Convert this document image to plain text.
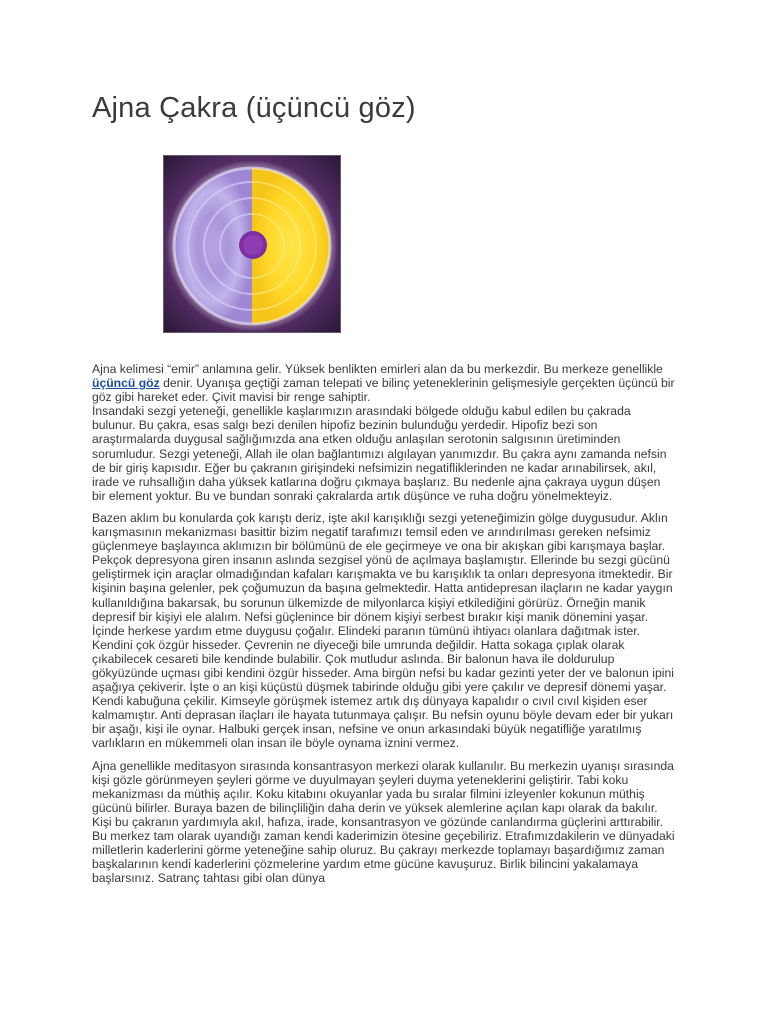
Ajna Çakra (üçüncü göz)

Ajna kelimesi “emir” anlamına gelir. Yüksek benlikten emirleri alan da bu merkezdir. Bu merkeze genellikle üçüncü göz denir. Uyanışa geçtiği zaman telepati ve bilinç yeteneklerinin gelişmesiyle gerçekten üçüncü bir göz gibi hareket eder. Çivit mavisi bir renge sahiptir.

İnsandaki sezgi yeteneği, genellikle kaşlarımızın arasındaki bölgede olduğu kabul edilen bu çakrada bulunur. Bu çakra, esas salgı bezi denilen hipofiz bezinin bulunduğu yerdedir. Hipofiz bezi son araştırmalarda duygusal sağlığımızda ana etken olduğu anlaşılan serotonin salgısının üretiminden sorumludur. Sezgi yeteneği, Allah ile olan bağlantımızı algılayan yanımızdır. Bu çakra aynı zamanda nefsin de bir giriş kapısıdır. Eğer bu çakranın girişindeki nefsimizin negatifliklerinden ne kadar arınabilirsek, akıl, irade ve ruhsallığın daha yüksek katlarına doğru çıkmaya başlarız. Bu nedenle ajna çakraya uygun düşen bir element yoktur. Bu ve bundan sonraki çakralarda artık düşünce ve ruha doğru yönelmekteyiz.

Bazen aklım bu konularda çok karıştı deriz, işte akıl karışıklığı sezgi yeteneğimizin gölge duygusudur. Aklın karışmasının mekanizması basittir bizim negatif tarafımızı temsil eden ve arındırılması gereken nefsimiz güçlenmeye başlayınca aklımızın bir bölümünü de ele geçirmeye ve ona bir akışkan gibi karışmaya başlar. Pekçok depresyona giren insanın aslında sezgisel yönü de açılmaya başlamıştır. Ellerinde bu sezgi gücünü geliştirmek için araçlar olmadığından kafaları karışmakta ve bu karışıklık ta onları depresyona itmektedir. Bir kişinin başına gelenler, pek çoğumuzun da başına gelmektedir. Hatta antidepresan ilaçların ne kadar yaygın kullanıldığına bakarsak, bu sorunun ülkemizde de milyonlarca kişiyi etkilediğini görürüz. Örneğin manik depresif bir kişiyi ele alalım. Nefsi güçlenince bir dönem kişiyi serbest bırakır kişi manik dönemini yaşar. İçinde herkese yardım etme duygusu çoğalır. Elindeki paranın tümünü ihtiyacı olanlara dağıtmak ister. Kendini çok özgür hisseder. Çevrenin ne diyeceği bile umrunda değildir. Hatta sokaga çıplak olarak çıkabilecek cesareti bile kendinde bulabilir. Çok mutludur aslında. Bir balonun hava ile doldurulup gökyüzünde uçması gibi kendini özgür hisseder. Ama birgün nefsi bu kadar gezinti yeter der ve balonun ipini aşağıya çekiverir. İşte o an kişi küçüstü düşmek tabirinde olduğu gibi yere çakılır ve depresif dönemi yaşar. Kendi kabuğuna çekilir. Kimseyle görüşmek istemez artık dış dünyaya kapalıdır o cıvıl cıvıl kişiden eser kalmamıştır. Anti deprasan ilaçları ile hayata tutunmaya çalışır. Bu nefsin oyunu böyle devam eder bir yukarı bir aşağı, kişi ile oynar. Halbuki gerçek insan, nefsine ve onun arkasındaki büyük negatifliğe yaratılmış varlıkların en mükemmeli olan insan ile böyle oynama iznini vermez.

Ajna genellikle meditasyon sırasında konsantrasyon merkezi olarak kullanılır. Bu merkezin uyanışı sırasında kişi gözle görünmeyen şeyleri görme ve duyulmayan şeyleri duyma yeteneklerini geliştirir. Tabi koku mekanizması da müthiş açılır. Koku kitabını okuyanlar yada bu sıralar filmini izleyenler kokunun müthiş gücünü bilirler. Buraya bazen de bilinçliliğin daha derin ve yüksek alemlerine açılan kapı olarak da bakılır. Kişi bu çakranın yardımıyla akıl, hafıza, irade, konsantrasyon ve gözünde canlandırma güçlerini arttırabilir. Bu merkez tam olarak uyandığı zaman kendi kaderimizin ötesine geçebiliriz. Etrafımızdakilerin ve dünyadaki milletlerin kaderlerini görme yeteneğine sahip oluruz. Bu çakrayı merkezde toplamayı başardığımız zaman başkalarının kendi kaderlerini çözmelerine yardım etme gücüne kavuşuruz. Birlik bilincini yakalamaya başlarsınız. Satranç tahtası gibi olan dünya
